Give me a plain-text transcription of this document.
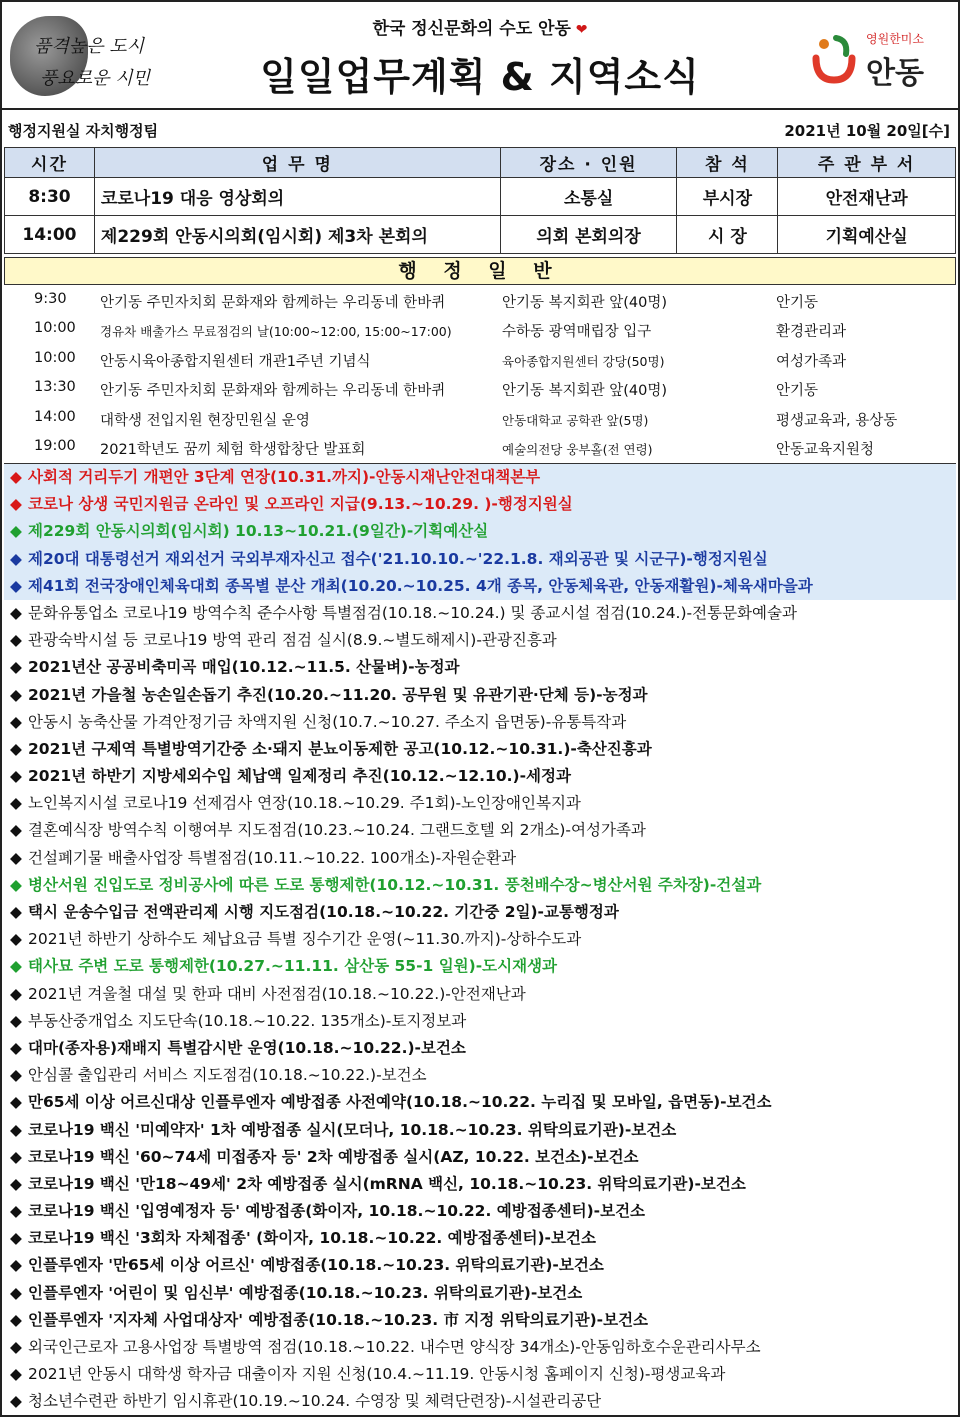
품격높은 도시
풍요로운 시민
한국 정신문화의 수도 안동 ❤
일일업무계획 & 지역소식
영원한미소
안동
행정지원실 자치행정팀	2021년 10월 20일[수]
시간	업 무 명	장소 · 인원	참 석	주 관 부 서
8:30	코로나19 대응 영상회의	소통실	부시장	안전재난과
14:00	제229회 안동시의회(임시회) 제3차 본회의	의회 본회의장	시 장	기획예산실
행 정 일 반
9:30 안기동 주민자치회 문화재와 함께하는 우리동네 한바퀴	안기동 복지회관 앞(40명)	안기동
10:00 경유차 배출가스 무료점검의 날(10:00~12:00, 15:00~17:00)	수하동 광역매립장 입구	환경관리과
10:00 안동시육아종합지원센터 개관1주년 기념식	육아종합지원센터 강당(50명)	여성가족과
13:30 안기동 주민자치회 문화재와 함께하는 우리동네 한바퀴	안기동 복지회관 앞(40명)	안기동
14:00 대학생 전입지원 현장민원실 운영	안동대학교 공학관 앞(5명)	평생교육과, 용상동
19:00 2021학년도 꿈끼 체험 학생합창단 발표회	예술의전당 웅부홀(전 연령)	안동교육지원청
◆ 사회적 거리두기 개편안 3단계 연장(10.31.까지)-안동시재난안전대책본부
◆ 코로나 상생 국민지원금 온라인 및 오프라인 지급(9.13.~10.29. )-행정지원실
◆ 제229회 안동시의회(임시회) 10.13~10.21.(9일간)-기획예산실
◆ 제20대 대통령선거 재외선거 국외부재자신고 접수('21.10.10.~'22.1.8. 재외공관 및 시군구)-행정지원실
◆ 제41회 전국장애인체육대회 종목별 분산 개최(10.20.~10.25. 4개 종목, 안동체육관, 안동재활원)-체육새마을과
◆ 문화유통업소 코로나19 방역수칙 준수사항 특별점검(10.18.~10.24.) 및 종교시설 점검(10.24.)-전통문화예술과
◆ 관광숙박시설 등 코로나19 방역 관리 점검 실시(8.9.~별도해제시)-관광진흥과
◆ 2021년산 공공비축미곡 매입(10.12.~11.5. 산물벼)-농정과
◆ 2021년 가을철 농손일손돕기 추진(10.20.~11.20. 공무원 및 유관기관·단체 등)-농정과
◆ 안동시 농축산물 가격안정기금 차액지원 신청(10.7.~10.27. 주소지 읍면동)-유통특작과
◆ 2021년 구제역 특별방역기간중 소·돼지 분뇨이동제한 공고(10.12.~10.31.)-축산진흥과
◆ 2021년 하반기 지방세외수입 체납액 일제정리 추진(10.12.~12.10.)-세정과
◆ 노인복지시설 코로나19 선제검사 연장(10.18.~10.29. 주1회)-노인장애인복지과
◆ 결혼예식장 방역수칙 이행여부 지도점검(10.23.~10.24. 그랜드호텔 외 2개소)-여성가족과
◆ 건설폐기물 배출사업장 특별점검(10.11.~10.22. 100개소)-자원순환과
◆ 병산서원 진입도로 정비공사에 따른 도로 통행제한(10.12.~10.31. 풍천배수장~병산서원 주차장)-건설과
◆ 택시 운송수입금 전액관리제 시행 지도점검(10.18.~10.22. 기간중 2일)-교통행정과
◆ 2021년 하반기 상하수도 체납요금 특별 징수기간 운영(~11.30.까지)-상하수도과
◆ 태사묘 주변 도로 통행제한(10.27.~11.11. 삼산동 55-1 일원)-도시재생과
◆ 2021년 겨울철 대설 및 한파 대비 사전점검(10.18.~10.22.)-안전재난과
◆ 부동산중개업소 지도단속(10.18.~10.22. 135개소)-토지정보과
◆ 대마(종자용)재배지 특별감시반 운영(10.18.~10.22.)-보건소
◆ 안심콜 출입관리 서비스 지도점검(10.18.~10.22.)-보건소
◆ 만65세 이상 어르신대상 인플루엔자 예방접종 사전예약(10.18.~10.22. 누리집 및 모바일, 읍면동)-보건소
◆ 코로나19 백신 '미예약자' 1차 예방접종 실시(모더나, 10.18.~10.23. 위탁의료기관)-보건소
◆ 코로나19 백신 '60~74세 미접종자 등' 2차 예방접종 실시(AZ, 10.22. 보건소)-보건소
◆ 코로나19 백신 '만18~49세' 2차 예방접종 실시(mRNA 백신, 10.18.~10.23. 위탁의료기관)-보건소
◆ 코로나19 백신 '입영예정자 등' 예방접종(화이자, 10.18.~10.22. 예방접종센터)-보건소
◆ 코로나19 백신 '3회차 자체접종' (화이자, 10.18.~10.22. 예방접종센터)-보건소
◆ 인플루엔자 '만65세 이상 어르신' 예방접종(10.18.~10.23. 위탁의료기관)-보건소
◆ 인플루엔자 '어린이 및 임신부' 예방접종(10.18.~10.23. 위탁의료기관)-보건소
◆ 인플루엔자 '지자체 사업대상자' 예방접종(10.18.~10.23. 市 지정 위탁의료기관)-보건소
◆ 외국인근로자 고용사업장 특별방역 점검(10.18.~10.22. 내수면 양식장 34개소)-안동임하호수운관리사무소
◆ 2021년 안동시 대학생 학자금 대출이자 지원 신청(10.4.~11.19. 안동시청 홈페이지 신청)-평생교육과
◆ 청소년수련관 하반기 임시휴관(10.19.~10.24. 수영장 및 체력단련장)-시설관리공단
